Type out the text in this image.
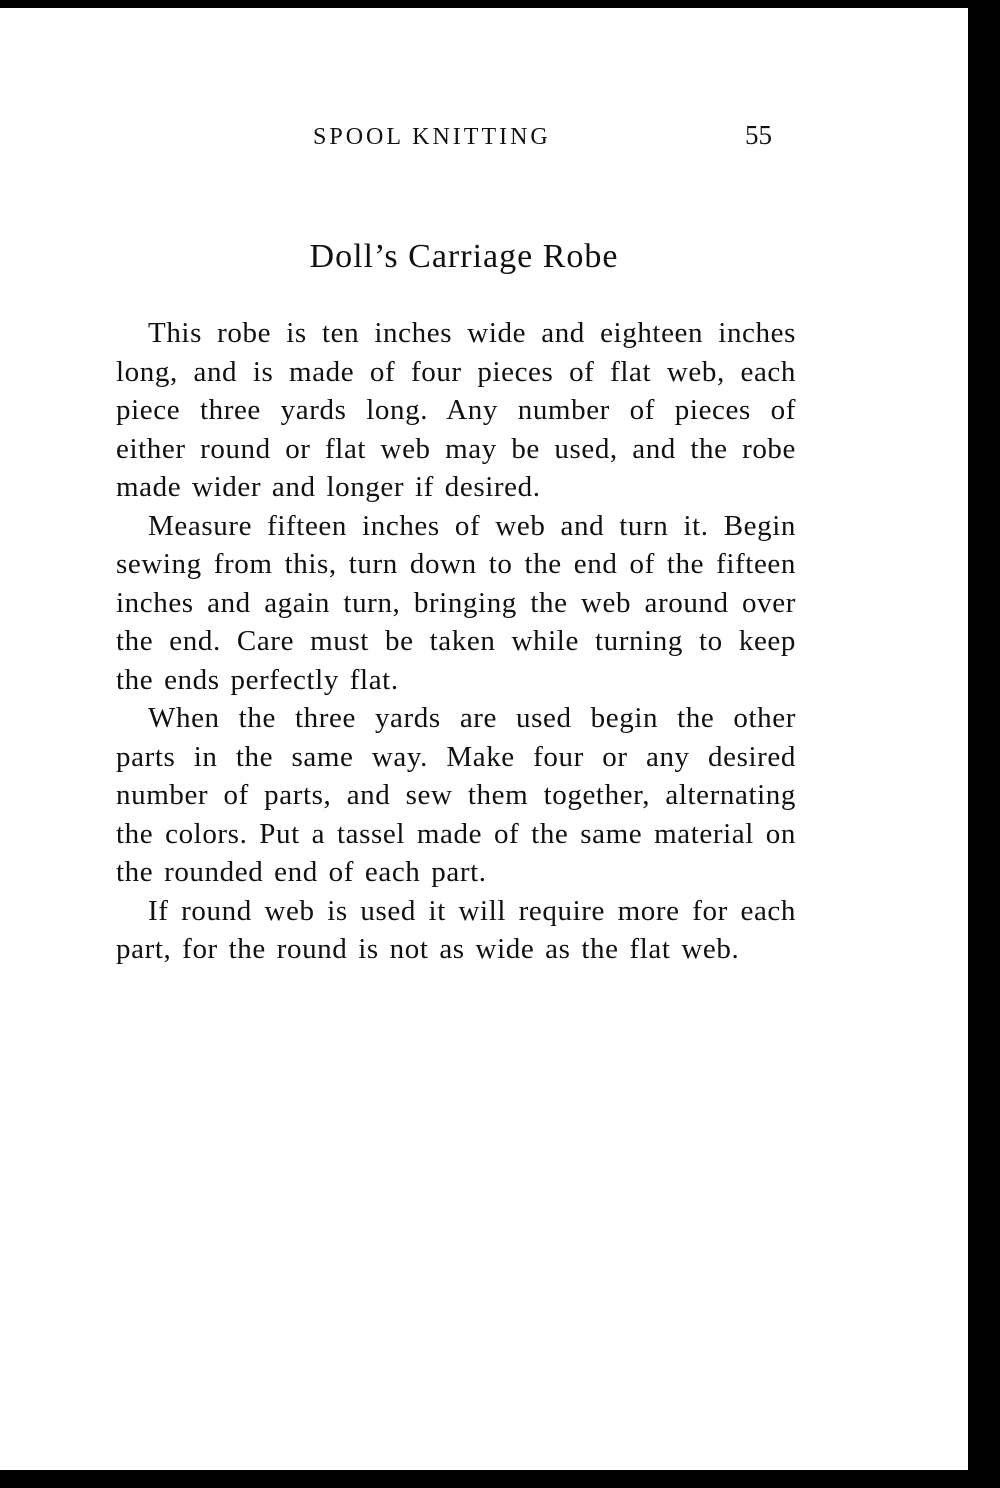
SPOOL KNITTING	55
Doll’s Carriage Robe

This robe is ten inches wide and eighteen inches long, and is made of four pieces of flat web, each piece three yards long. Any number of pieces of either round or flat web may be used, and the robe made wider and longer if desired.

Measure fifteen inches of web and turn it. Begin sewing from this, turn down to the end of the fifteen inches and again turn, bringing the web around over the end. Care must be taken while turning to keep the ends perfectly flat.

When the three yards are used begin the other parts in the same way. Make four or any desired number of parts, and sew them together, alternating the colors. Put a tassel made of the same material on the rounded end of each part.

If round web is used it will require more for each part, for the round is not as wide as the flat web.
